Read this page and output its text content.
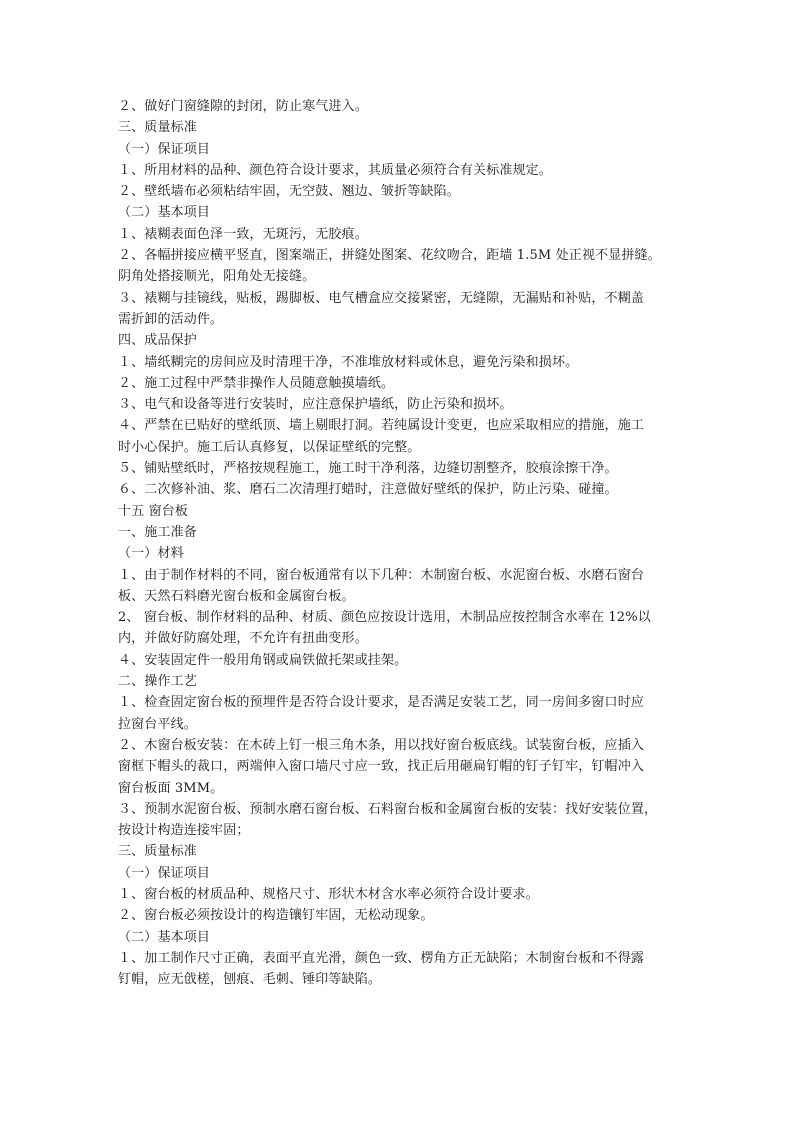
２、做好门窗缝隙的封闭，防止寒气进入。
三、质量标准
（一）保证项目
１、所用材料的品种、颜色符合设计要求，其质量必须符合有关标准规定。
２、壁纸墙布必须粘结牢固，无空鼓、翘边、皱折等缺陷。
（二）基本项目
１、裱糊表面色泽一致，无斑污，无胶痕。
２、各幅拼接应横平竖直，图案端正，拼缝处图案、花纹吻合，距墙 1.5M 处正视不显拼缝。
阴角处搭接顺光，阳角处无接缝。
３、裱糊与挂镜线，贴板，踢脚板、电气槽盒应交接紧密，无缝隙，无漏贴和补贴，不糊盖
需折卸的活动件。
四、成品保护
１、墙纸糊完的房间应及时清理干净，不准堆放材料或休息，避免污染和损坏。
２、施工过程中严禁非操作人员随意触摸墙纸。
３、电气和设备等进行安装时，应注意保护墙纸，防止污染和损坏。
４、严禁在已贴好的壁纸顶、墙上剔眼打洞。若纯属设计变更，也应采取相应的措施，施工
时小心保护。施工后认真修复，以保证壁纸的完整。
５、铺贴壁纸时，严格按规程施工，施工时干净利落，边缝切割整齐，胶痕涂擦干净。
６、二次修补油、浆、磨石二次清理打蜡时，注意做好壁纸的保护，防止污染、碰撞。
十五 窗台板
一、施工准备
（一）材料
１、由于制作材料的不同，窗台板通常有以下几种：木制窗台板、水泥窗台板、水磨石窗台
板、天然石料磨光窗台板和金属窗台板。
2、 窗台板、制作材料的品种、材质、颜色应按设计选用，木制品应按控制含水率在 12%以
内，并做好防腐处理，不允许有扭曲变形。
４、安装固定件一般用角钢或扁铁做托架或挂架。
二、操作工艺
１、检查固定窗台板的预埋件是否符合设计要求，是否满足安装工艺，同一房间多窗口时应
拉窗台平线。
２、木窗台板安装：在木砖上钉一根三角木条，用以找好窗台板底线。试装窗台板，应插入
窗框下帽头的裁口，两端伸入窗口墙尺寸应一致，找正后用砸扁钉帽的钉子钉牢，钉帽冲入
窗台板面 3MM。
３、预制水泥窗台板、预制水磨石窗台板、石料窗台板和金属窗台板的安装：找好安装位置，
按设计构造连接牢固；
三、质量标准
（一）保证项目
１、窗台板的材质品种、规格尺寸、形状木材含水率必须符合设计要求。
２、窗台板必须按设计的构造镶钉牢固，无松动现象。
（二）基本项目
１、加工制作尺寸正确，表面平直光滑，颜色一致、楞角方正无缺陷；木制窗台板和不得露
钉帽，应无戗槎，刨痕、毛刺、锤印等缺陷。
